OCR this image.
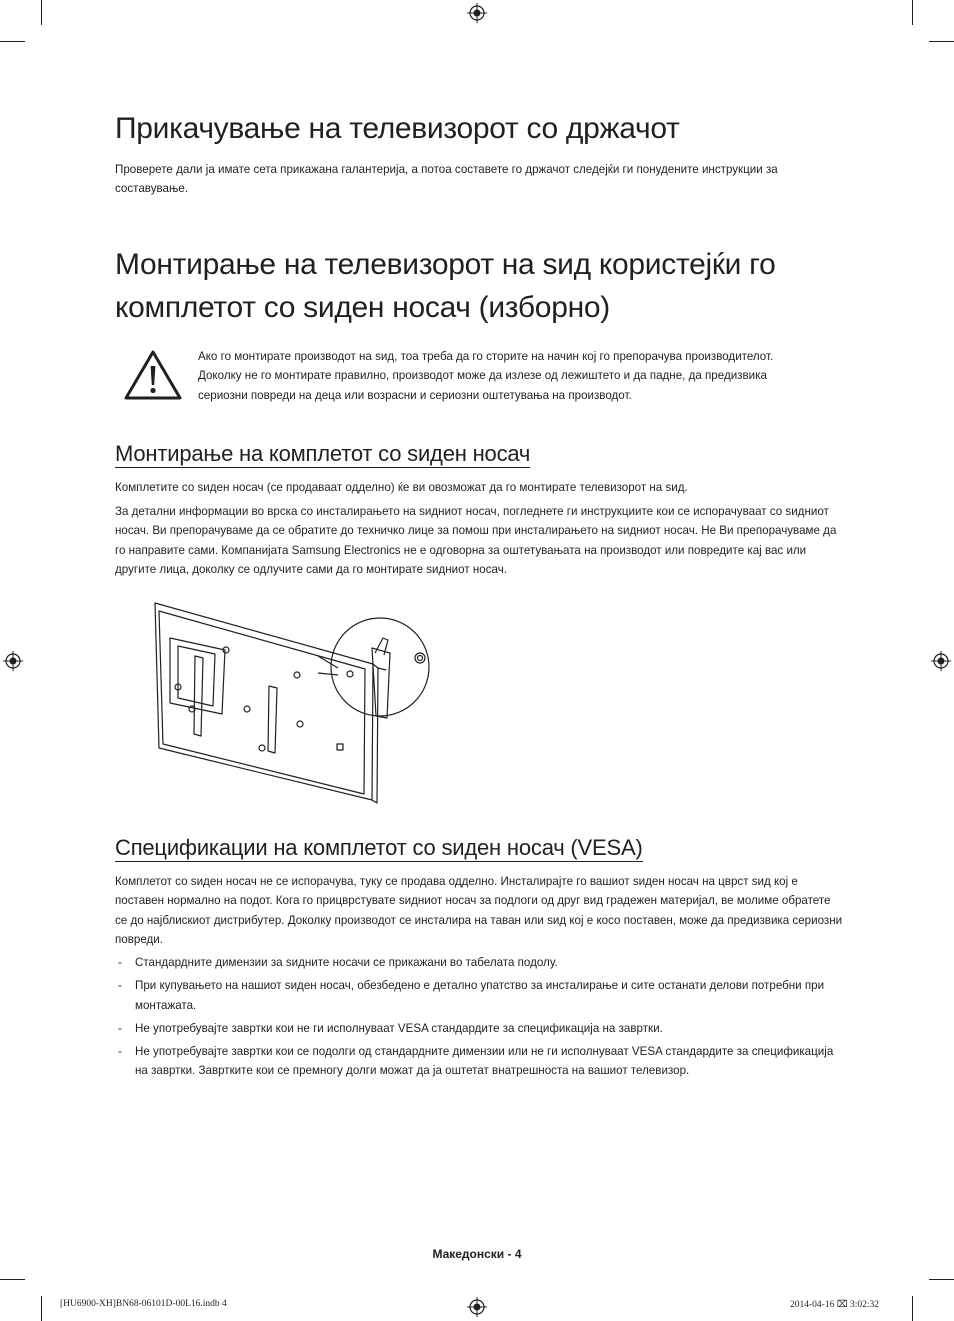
Прикачување на телевизорот со држачот

Проверете дали ја имате сета прикажана галантерија, а потоа составете го држачот следејќи ги понудените инструкции за составување.

Монтирање на телевизорот на ѕид користејќи го
комплетот со ѕиден носач (изборно)

Ако го монтирате производот на ѕид, тоа треба да го сторите на начин кој го препорачува производителот. Доколку не го монтирате правилно, производот може да излезе од лежиштето и да падне, да предизвика сериозни повреди на деца или возрасни и сериозни оштетувања на производот.

Монтирање на комплетот со ѕиден носач

Комплетите со ѕиден носач (се продаваат одделно) ќе ви овозможат да го монтирате телевизорот на ѕид.

За детални информации во врска со инсталирањето на ѕидниот носач, погледнете ги инструкциите кои се испорачуваат со ѕидниот носач. Ви препорачуваме да се обратите до техничко лице за помош при инсталирањето на ѕидниот носач. Не Ви препорачуваме да го направите сами. Компанијата Samsung Electronics не е одговорна за оштетувањата на производот или повредите кај вас или другите лица, доколку се одлучите сами да го монтирате ѕидниот носач.

Спецификации на комплетот со ѕиден носач (VESA)

Комплетот со ѕиден носач не се испорачува, туку се продава одделно. Инсталирајте го вашиот ѕиден носач на цврст ѕид кој е поставен нормално на подот. Кога го прицврстувате ѕидниот носач за подлоги од друг вид градежен материјал, ве молиме обратете се до најблискиот дистрибутер. Доколку производот се инсталира на таван или ѕид кој е косо поставен, може да предизвика сериозни повреди.

- Стандардните димензии за ѕидните носачи се прикажани во табелата подолу.
- При купувањето на нашиот ѕиден носач, обезбедено е детално упатство за инсталирање и сите останати делови потребни при монтажата.
- Не употребувајте завртки кои не ги исполнуваат VESA стандардите за спецификација на завртки.
- Не употребувајте завртки кои се подолги од стандардните димензии или не ги исполнуваат VESA стандардите за спецификација на завртки. Завртките кои се премногу долги можат да ја оштетат внатрешноста на вашиот телевизор.
Македонски - 4
[HU6900-XH]BN68-06101D-00L16.indb 4	2014-04-16 ⌧ 3:02:32
